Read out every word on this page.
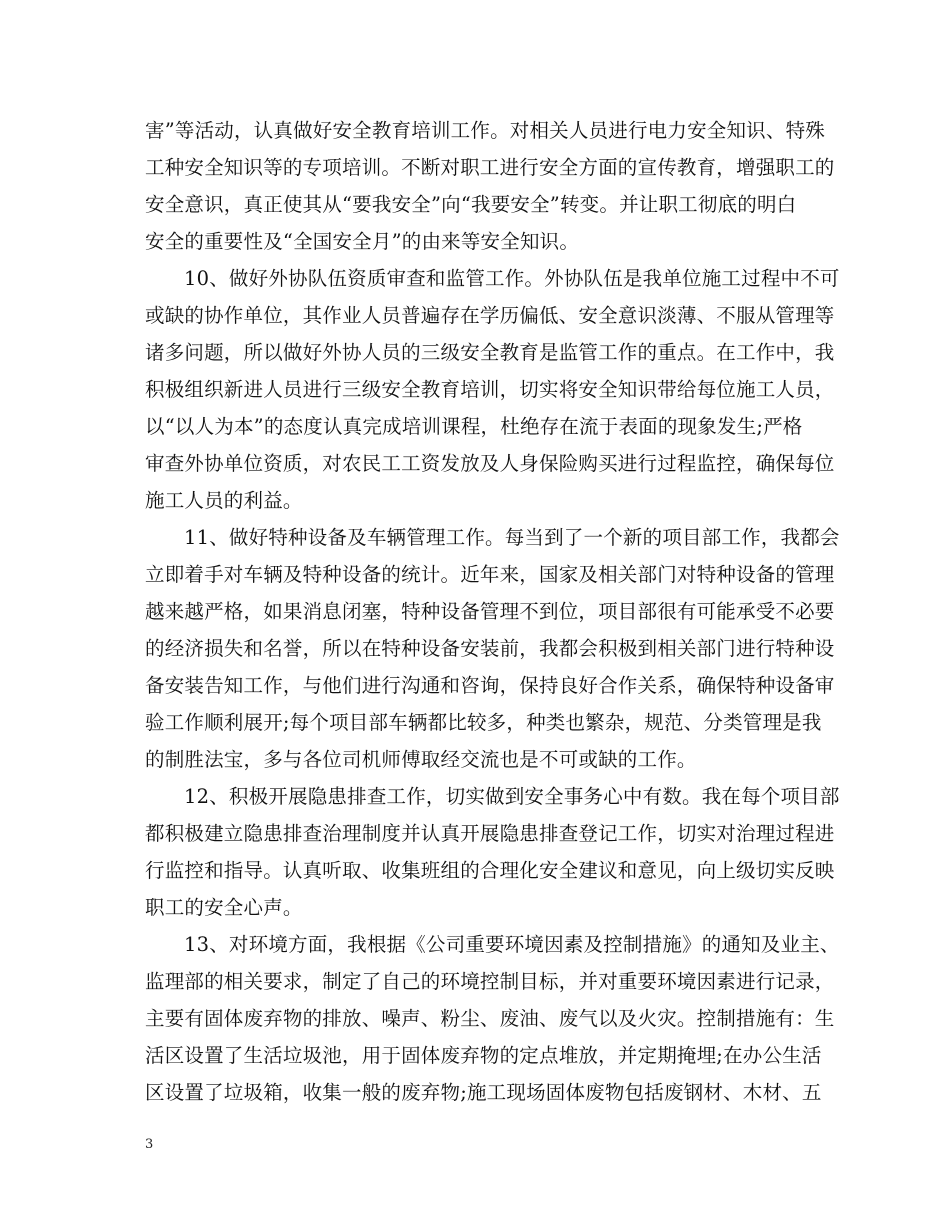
害”等活动，认真做好安全教育培训工作。对相关人员进行电力安全知识、特殊
工种安全知识等的专项培训。不断对职工进行安全方面的宣传教育，增强职工的
安全意识，真正使其从“要我安全”向“我要安全”转变。并让职工彻底的明白
安全的重要性及“全国安全月”的由来等安全知识。
10、做好外协队伍资质审查和监管工作。外协队伍是我单位施工过程中不可
或缺的协作单位，其作业人员普遍存在学历偏低、安全意识淡薄、不服从管理等
诸多问题，所以做好外协人员的三级安全教育是监管工作的重点。在工作中，我
积极组织新进人员进行三级安全教育培训，切实将安全知识带给每位施工人员，
以“以人为本”的态度认真完成培训课程，杜绝存在流于表面的现象发生;严格
审查外协单位资质，对农民工工资发放及人身保险购买进行过程监控，确保每位
施工人员的利益。
11、做好特种设备及车辆管理工作。每当到了一个新的项目部工作，我都会
立即着手对车辆及特种设备的统计。近年来，国家及相关部门对特种设备的管理
越来越严格，如果消息闭塞，特种设备管理不到位，项目部很有可能承受不必要
的经济损失和名誉，所以在特种设备安装前，我都会积极到相关部门进行特种设
备安装告知工作，与他们进行沟通和咨询，保持良好合作关系，确保特种设备审
验工作顺利展开;每个项目部车辆都比较多，种类也繁杂，规范、分类管理是我
的制胜法宝，多与各位司机师傅取经交流也是不可或缺的工作。
12、积极开展隐患排查工作，切实做到安全事务心中有数。我在每个项目部
都积极建立隐患排查治理制度并认真开展隐患排查登记工作，切实对治理过程进
行监控和指导。认真听取、收集班组的合理化安全建议和意见，向上级切实反映
职工的安全心声。
13、对环境方面，我根据《公司重要环境因素及控制措施》的通知及业主、
监理部的相关要求，制定了自己的环境控制目标，并对重要环境因素进行记录，
主要有固体废弃物的排放、噪声、粉尘、废油、废气以及火灾。控制措施有：生
活区设置了生活垃圾池，用于固体废弃物的定点堆放，并定期掩埋;在办公生活
区设置了垃圾箱，收集一般的废弃物;施工现场固体废物包括废钢材、木材、五
3
